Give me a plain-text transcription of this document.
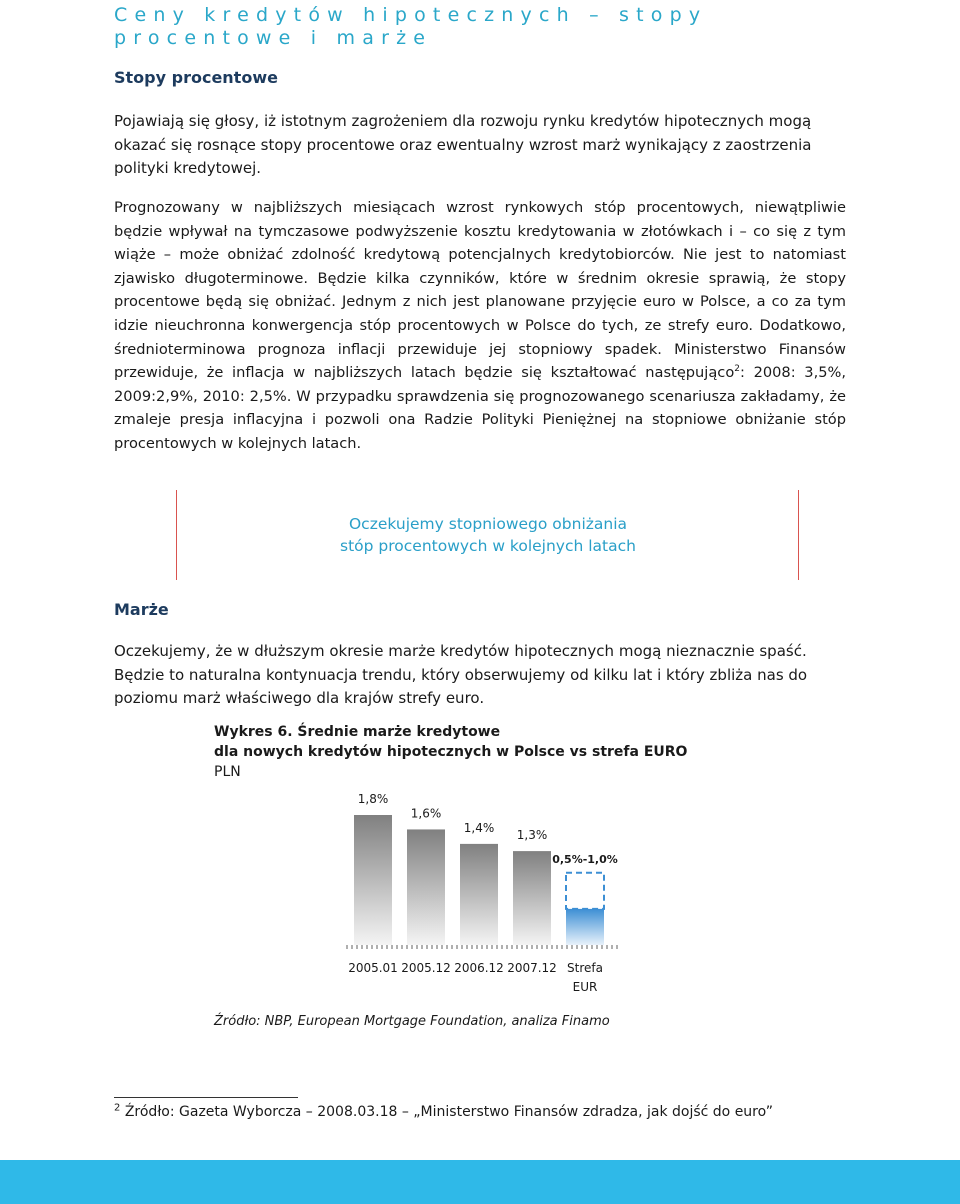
Ceny kredytów hipotecznych – stopy procentowe i marże
Stopy procentowe

Pojawiają się głosy, iż istotnym zagrożeniem dla rozwoju rynku kredytów hipotecznych mogą okazać się rosnące stopy procentowe oraz ewentualny wzrost marż wynikający z zaostrzenia polityki kredytowej.

Prognozowany w najbliższych miesiącach wzrost rynkowych stóp procentowych, niewątpliwie będzie wpływał na tymczasowe podwyższenie kosztu kredytowania w złotówkach i – co się z tym wiąże – może obniżać zdolność kredytową potencjalnych kredytobiorców. Nie jest to natomiast zjawisko długoterminowe. Będzie kilka czynników, które w średnim okresie sprawią, że stopy procentowe będą się obniżać. Jednym z nich jest planowane przyjęcie euro w Polsce, a co za tym idzie nieuchronna konwergencja stóp procentowych w Polsce do tych, ze strefy euro. Dodatkowo, średnioterminowa prognoza inflacji przewiduje jej stopniowy spadek. Ministerstwo Finansów przewiduje, że inflacja w najbliższych latach będzie się kształtować następująco$^2$: 2008: 3,5%, 2009:2,9%, 2010: 2,5%. W przypadku sprawdzenia się prognozowanego scenariusza zakładamy, że zmaleje presja inflacyjna i pozwoli ona Radzie Polityki Pieniężnej na stopniowe obniżanie stóp procentowych w kolejnych latach.

Oczekujemy stopniowego obniżania
stóp procentowych w kolejnych latach
Marże

Oczekujemy, że w dłuższym okresie marże kredytów hipotecznych mogą nieznacznie spaść. Będzie to naturalna kontynuacja trendu, który obserwujemy od kilku lat i który zbliża nas do poziomu marż właściwego dla krajów strefy euro.

Wykres 6. Średnie marże kredytowe
dla nowych kredytów hipotecznych w Polsce vs strefa EURO
PLN
1,8%
2005.01
1,6%
2005.12
1,4%
2006.12
1,3%
2007.12
0,5%-1,0%
Strefa
EUR
Źródło: NBP, European Mortgage Foundation, analiza Finamo
$^2$ Źródło: Gazeta Wyborcza – 2008.03.18 – „Ministerstwo Finansów zdradza, jak dojść do euro”
